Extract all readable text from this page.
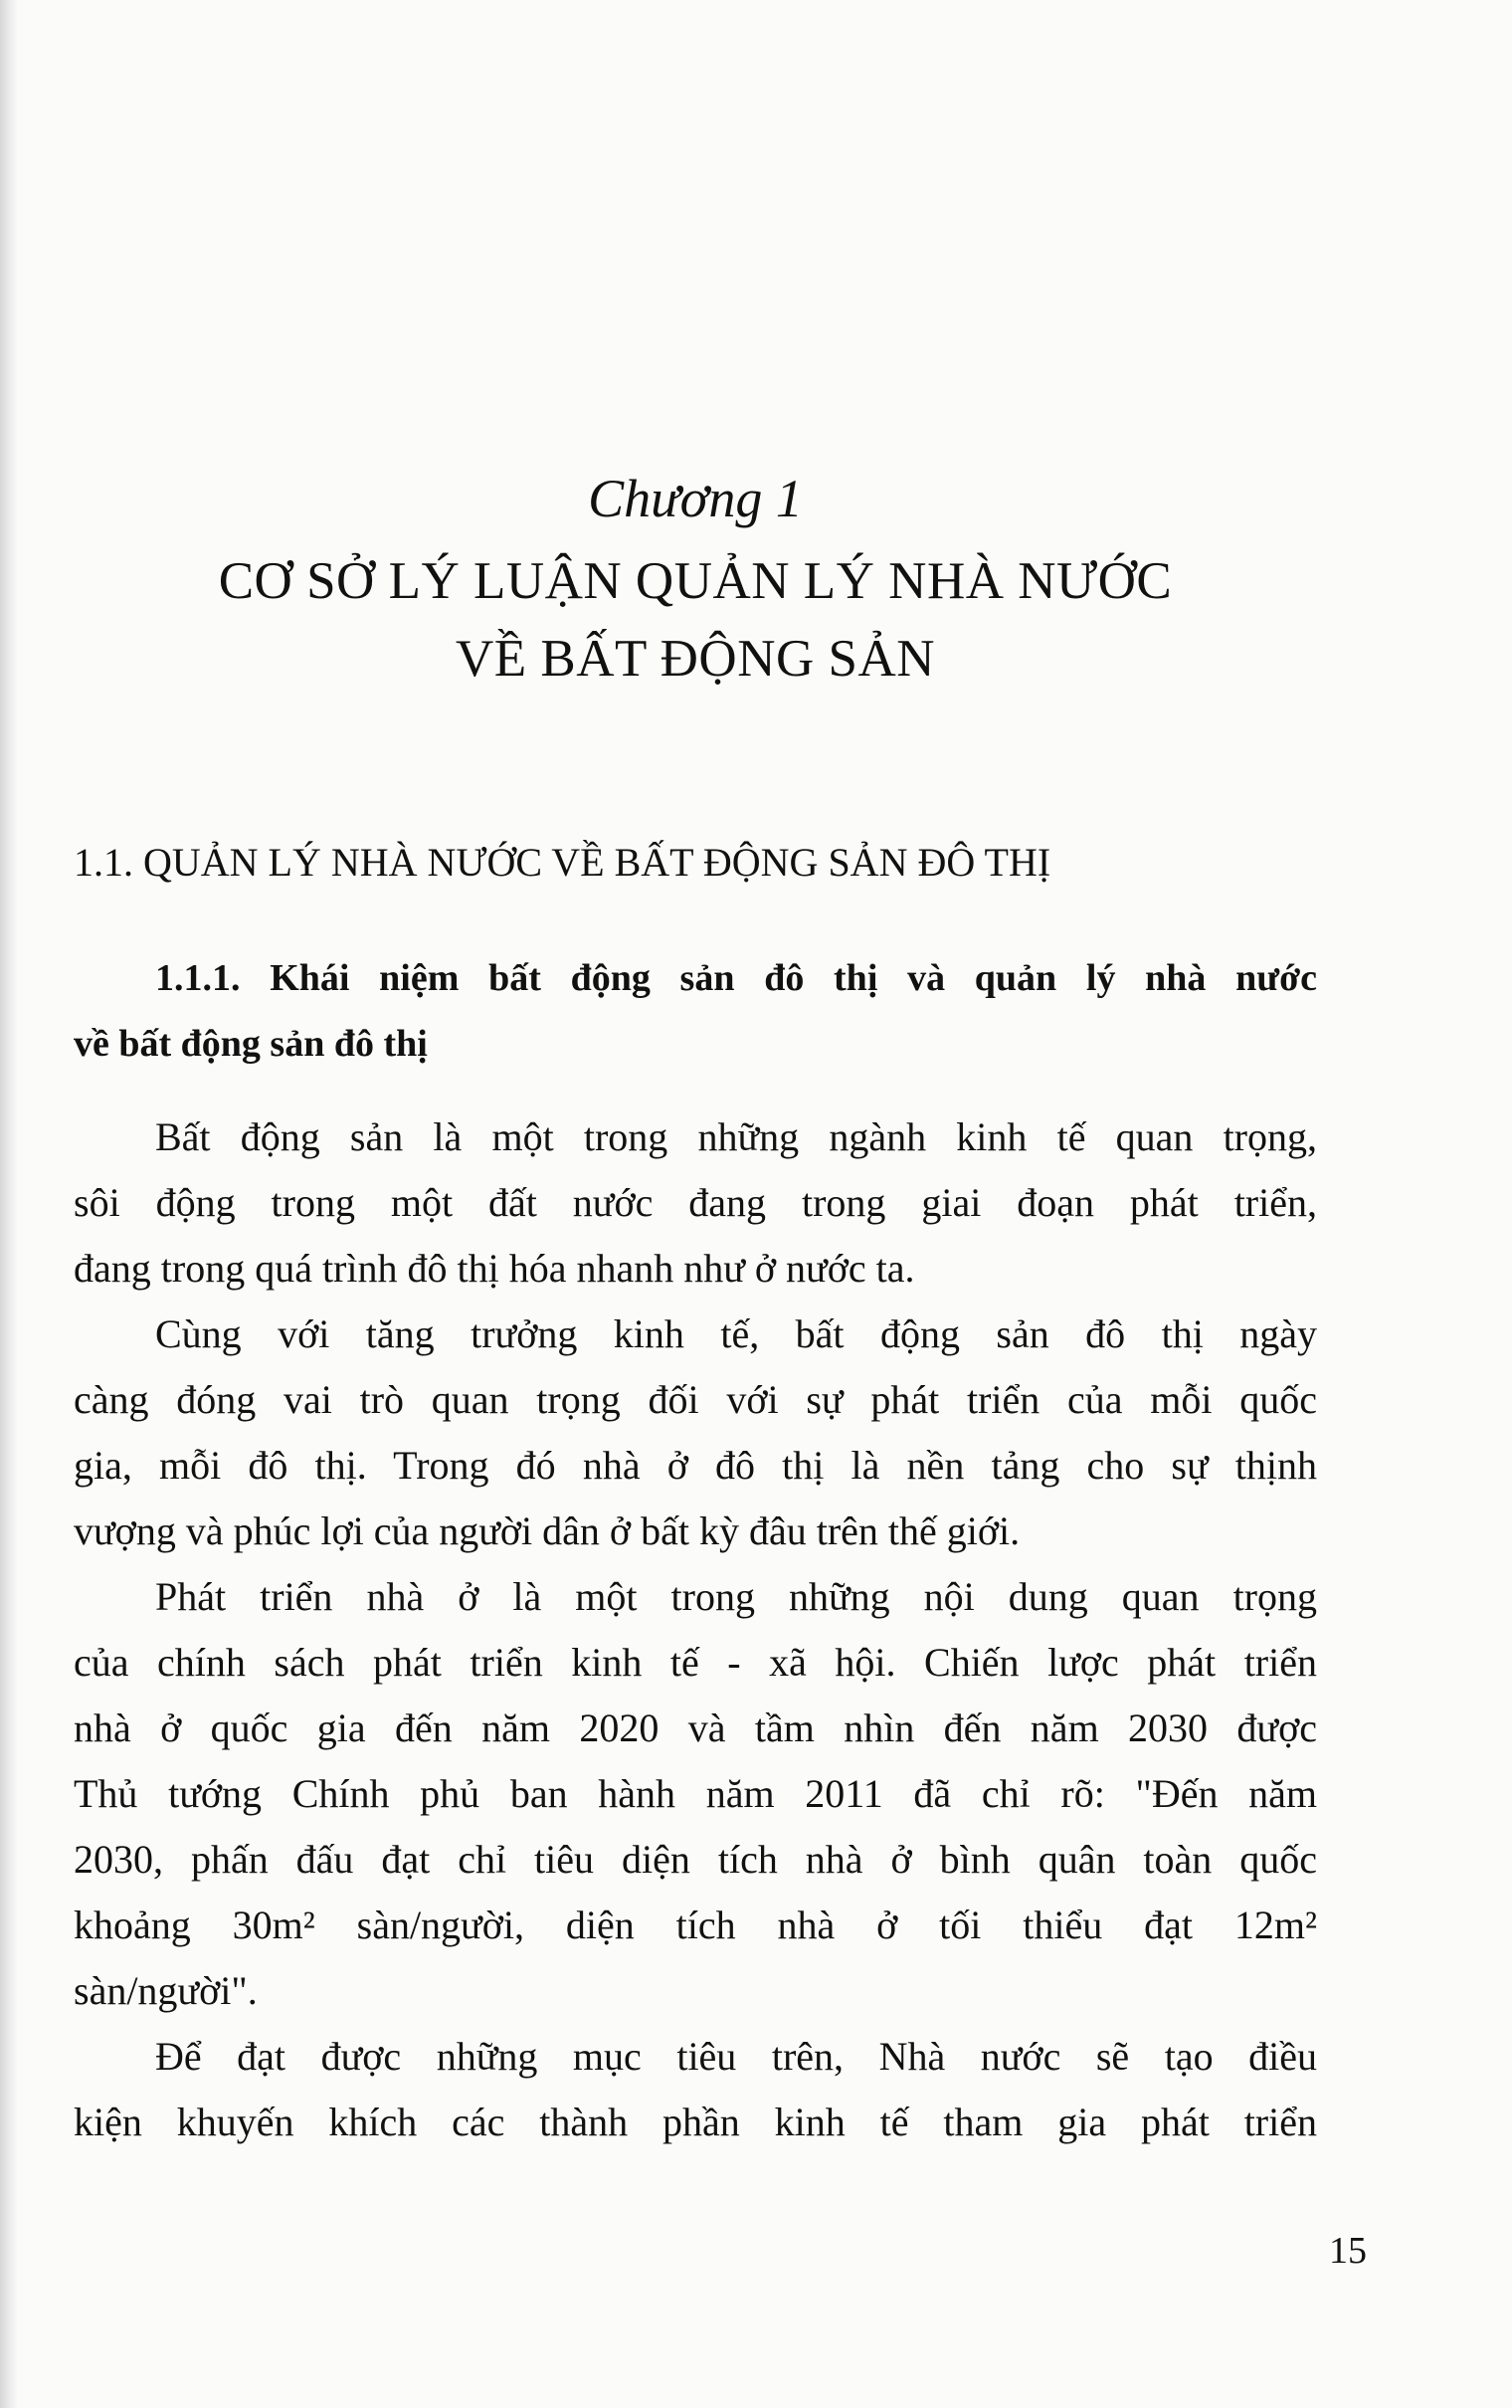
Chương 1
CƠ SỞ LÝ LUẬN QUẢN LÝ NHÀ NƯỚC
VỀ BẤT ĐỘNG SẢN
1.1. QUẢN LÝ NHÀ NƯỚC VỀ BẤT ĐỘNG SẢN ĐÔ THỊ
1.1.1. Khái niệm bất động sản đô thị và quản lý nhà nước
về bất động sản đô thị
Bất động sản là một trong những ngành kinh tế quan trọng,
sôi động trong một đất nước đang trong giai đoạn phát triển,
đang trong quá trình đô thị hóa nhanh như ở nước ta.
Cùng với tăng trưởng kinh tế, bất động sản đô thị ngày
càng đóng vai trò quan trọng đối với sự phát triển của mỗi quốc
gia, mỗi đô thị. Trong đó nhà ở đô thị là nền tảng cho sự thịnh
vượng và phúc lợi của người dân ở bất kỳ đâu trên thế giới.
Phát triển nhà ở là một trong những nội dung quan trọng
của chính sách phát triển kinh tế - xã hội. Chiến lược phát triển
nhà ở quốc gia đến năm 2020 và tầm nhìn đến năm 2030 được
Thủ tướng Chính phủ ban hành năm 2011 đã chỉ rõ: "Đến năm
2030, phấn đấu đạt chỉ tiêu diện tích nhà ở bình quân toàn quốc
khoảng 30m² sàn/người, diện tích nhà ở tối thiểu đạt 12m²
sàn/người".
Để đạt được những mục tiêu trên, Nhà nước sẽ tạo điều
kiện khuyến khích các thành phần kinh tế tham gia phát triển
15
